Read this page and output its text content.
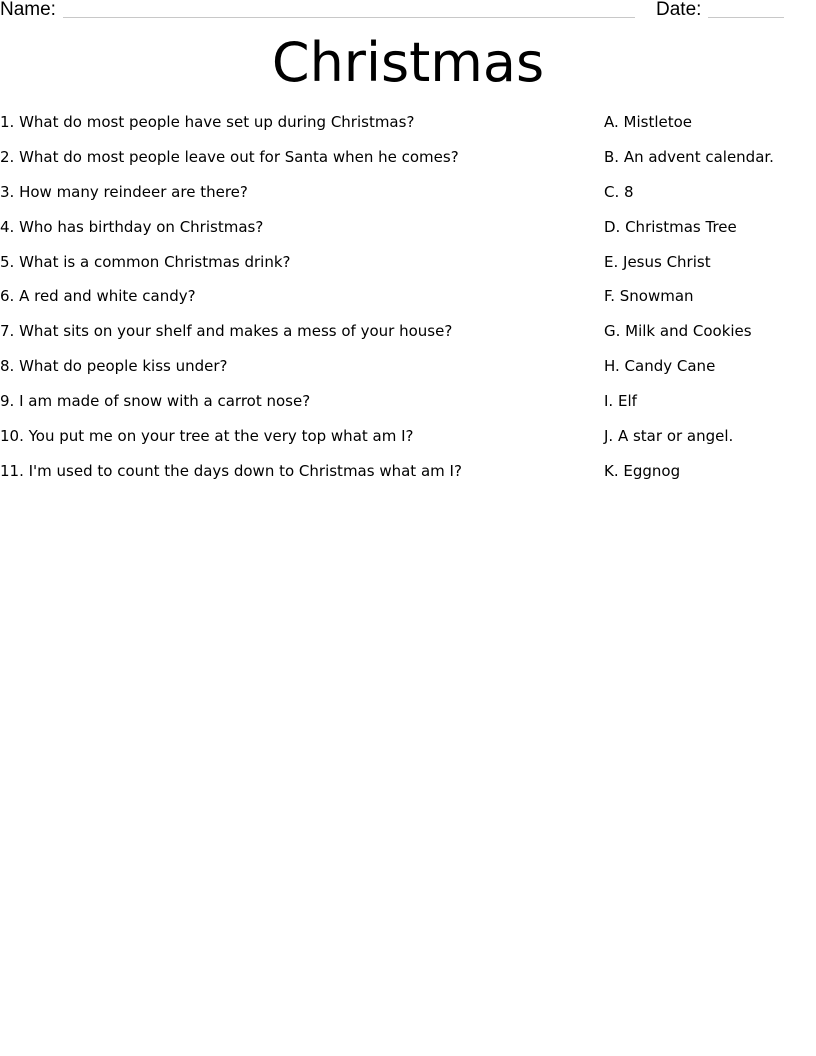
Name:	Date:
Christmas
1. What do most people have set up during Christmas?
2. What do most people leave out for Santa when he comes?
3. How many reindeer are there?
4. Who has birthday on Christmas?
5. What is a common Christmas drink?
6. A red and white candy?
7. What sits on your shelf and makes a mess of your house?
8. What do people kiss under?
9. I am made of snow with a carrot nose?
10. You put me on your tree at the very top what am I?
11. I'm used to count the days down to Christmas what am I?
A. Mistletoe
B. An advent calendar.
C. 8
D. Christmas Tree
E. Jesus Christ
F. Snowman
G. Milk and Cookies
H. Candy Cane
I. Elf
J. A star or angel.
K. Eggnog
